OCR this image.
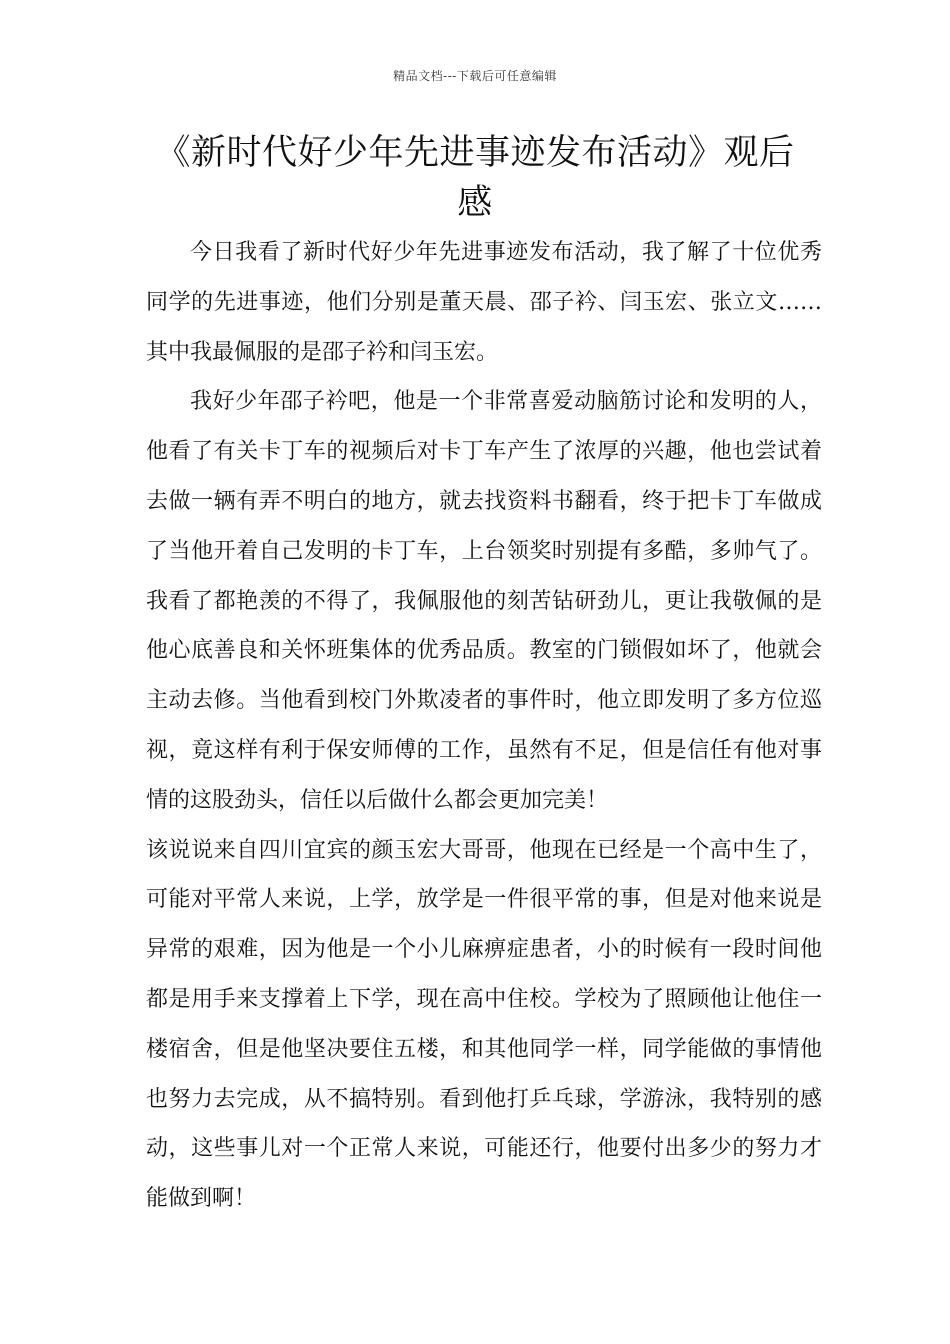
精品文档---下载后可任意编辑
《新时代好少年先进事迹发布活动》观后感

今日我看了新时代好少年先进事迹发布活动，我了解了十位优秀同学的先进事迹，他们分别是董天晨、邵子衿、闫玉宏、张立文……其中我最佩服的是邵子衿和闫玉宏。

我好少年邵子衿吧，他是一个非常喜爱动脑筋讨论和发明的人，他看了有关卡丁车的视频后对卡丁车产生了浓厚的兴趣，他也尝试着去做一辆有弄不明白的地方，就去找资料书翻看，终于把卡丁车做成了当他开着自己发明的卡丁车，上台领奖时别提有多酷，多帅气了。我看了都艳羡的不得了，我佩服他的刻苦钻研劲儿，更让我敬佩的是他心底善良和关怀班集体的优秀品质。教室的门锁假如坏了，他就会主动去修。当他看到校门外欺凌者的事件时，他立即发明了多方位巡视，竟这样有利于保安师傅的工作，虽然有不足，但是信任有他对事情的这股劲头，信任以后做什么都会更加完美！

该说说来自四川宜宾的颜玉宏大哥哥，他现在已经是一个高中生了，可能对平常人来说，上学，放学是一件很平常的事，但是对他来说是异常的艰难，因为他是一个小儿麻痹症患者，小的时候有一段时间他都是用手来支撑着上下学，现在高中住校。学校为了照顾他让他住一楼宿舍，但是他坚决要住五楼，和其他同学一样，同学能做的事情他也努力去完成，从不搞特别。看到他打乒乓球，学游泳，我特别的感动，这些事儿对一个正常人来说，可能还行，他要付出多少的努力才能做到啊！
